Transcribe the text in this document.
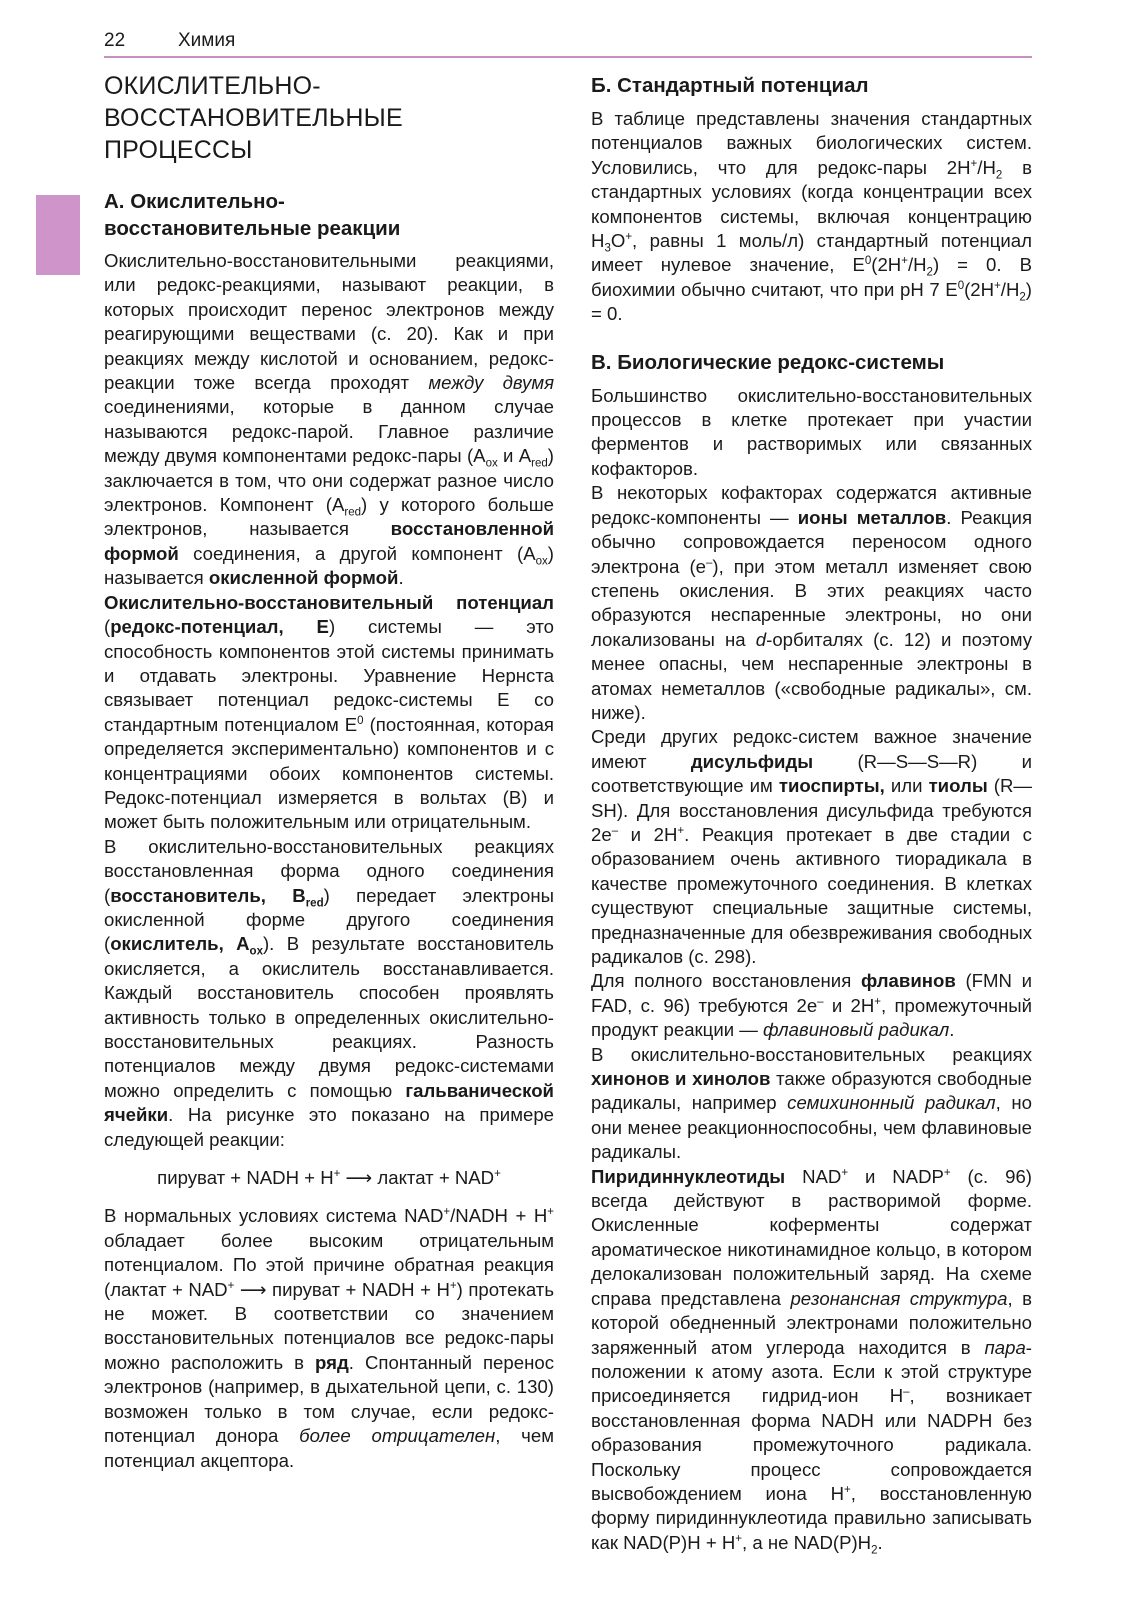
22	Химия
ОКИСЛИТЕЛЬНО-
ВОССТАНОВИТЕЛЬНЫЕ ПРОЦЕССЫ
А. Окислительно-
восстановительные реакции

Окислительно-восстановительными реакциями, или редокс-реакциями, называют реакции, в которых происходит перенос электронов между реагирующими веществами (с. 20). Как и при реакциях между кислотой и основанием, редокс-реакции тоже всегда проходят между двумя соединениями, которые в данном случае называются редокс-парой. Главное различие между двумя компонентами редокс-пары ($A_{ox}$ и $A_{red}$) заключается в том, что они содержат разное число электронов. Компонент $(A_{red})$ у которого больше электронов, называется восстановленной формой соединения, а другой компонент $(A_{ox})$ называется окисленной формой.

Окислительно-восстановительный потенциал (редокс-потенциал, E) системы — это способность компонентов этой системы принимать и отдавать электроны. Уравнение Нернста связывает потенциал редокс-системы E со стандартным потенциалом $E^0$ (постоянная, которая определяется экспериментально) компонентов и с концентрациями обоих компонентов системы. Редокс-потенциал измеряется в вольтах (В) и может быть положительным или отрицательным.

В окислительно-восстановительных реакциях восстановленная форма одного соединения (восстановитель, $B_{red}$) передает электроны окисленной форме другого соединения (окислитель, $A_{ox}$). В результате восстановитель окисляется, а окислитель восстанавливается. Каждый восстановитель способен проявлять активность только в определенных окислительно-восстановительных реакциях. Разность потенциалов между двумя редокс-системами можно определить с помощью гальванической ячейки. На рисунке это показано на примере следующей реакции:

пируват + NADH + H+ ⟶ лактат + NAD+

В нормальных условиях система NAD+/NADH + H+ обладает более высоким отрицательным потенциалом. По этой причине обратная реакция (лактат + NAD+ ⟶ пируват + NADH + H+) протекать не может. В соответствии со значением восстановительных потенциалов все редокс-пары можно расположить в ряд. Спонтанный перенос электронов (например, в дыхательной цепи, с. 130) возможен только в том случае, если редокс-потенциал донора более отрицателен, чем потенциал акцептора.

Б. Стандартный потенциал

В таблице представлены значения стандартных потенциалов важных биологических систем. Условились, что для редокс-пары $2H^+/H_2$ в стандартных условиях (когда концентрации всех компонентов системы, включая концентрацию $H_3O^+$, равны 1 моль/л) стандартный потенциал имеет нулевое значение, $E^0(2H^+/H_2) = 0$. В биохимии обычно считают, что при pH 7 $E^0(2H^+/H_2) = 0$.

В. Биологические редокс-системы

Большинство окислительно-восстановительных процессов в клетке протекает при участии ферментов и растворимых или связанных кофакторов.

В некоторых кофакторах содержатся активные редокс-компоненты — ионы металлов. Реакция обычно сопровождается переносом одного электрона (e–), при этом металл изменяет свою степень окисления. В этих реакциях часто образуются неспаренные электроны, но они локализованы на d-орбиталях (с. 12) и поэтому менее опасны, чем неспаренные электроны в атомах неметаллов («свободные радикалы», см. ниже).

Среди других редокс-систем важное значение имеют дисульфиды (R—S—S—R) и соответствующие им тиоспирты, или тиолы (R—SH). Для восстановления дисульфида требуются 2e– и 2H+. Реакция протекает в две стадии с образованием очень активного тиорадикала в качестве промежуточного соединения. В клетках существуют специальные защитные системы, предназначенные для обезвреживания свободных радикалов (с. 298).

Для полного восстановления флавинов (FMN и FAD, с. 96) требуются 2e– и 2H+, промежуточный продукт реакции — флавиновый радикал.

В окислительно-восстановительных реакциях хинонов и хинолов также образуются свободные радикалы, например семихинонный радикал, но они менее реакционноспособны, чем флавиновые радикалы.

Пиридиннуклеотиды NAD+ и NADP+ (с. 96) всегда действуют в растворимой форме. Окисленные коферменты содержат ароматическое никотинамидное кольцо, в котором делокализован положительный заряд. На схеме справа представлена резонансная структура, в которой обедненный электронами положительно заряженный атом углерода находится в пара-положении к атому азота. Если к этой структуре присоединяется гидрид-ион H–, возникает восстановленная форма NADH или NADPH без образования промежуточного радикала. Поскольку процесс сопровождается высвобождением иона H+, восстановленную форму пиридиннуклеотида правильно записывать как NAD(P)H + H+, а не $NAD(P)H_2$.
